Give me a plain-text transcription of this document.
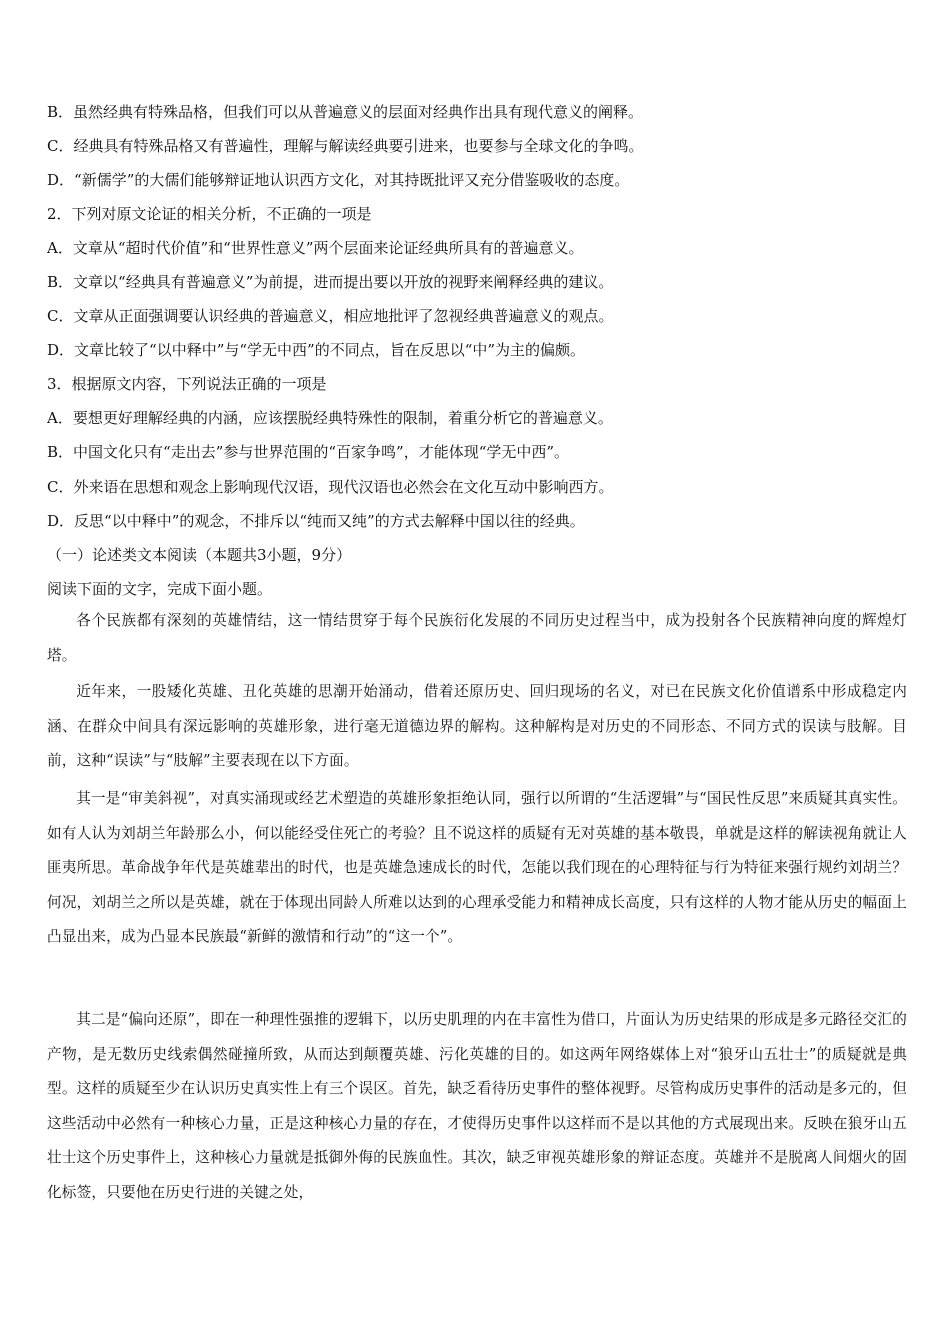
B．虽然经典有特殊品格，但我们可以从普遍意义的层面对经典作出具有现代意义的阐释。
C．经典具有特殊品格又有普遍性，理解与解读经典要引进来，也要参与全球文化的争鸣。
D．“新儒学”的大儒们能够辩证地认识西方文化，对其持既批评又充分借鉴吸收的态度。
2．下列对原文论证的相关分析，不正确的一项是
A．文章从“超时代价值”和“世界性意义”两个层面来论证经典所具有的普遍意义。
B．文章以“经典具有普遍意义”为前提，进而提出要以开放的视野来阐释经典的建议。
C．文章从正面强调要认识经典的普遍意义，相应地批评了忽视经典普遍意义的观点。
D．文章比较了“以中释中”与“学无中西”的不同点，旨在反思以“中”为主的偏颇。
3．根据原文内容，下列说法正确的一项是
A．要想更好理解经典的内涵，应该摆脱经典特殊性的限制，着重分析它的普遍意义。
B．中国文化只有“走出去”参与世界范围的“百家争鸣”，才能体现“学无中西”。
C．外来语在思想和观念上影响现代汉语，现代汉语也必然会在文化互动中影响西方。
D．反思“以中释中”的观念，不排斥以“纯而又纯”的方式去解释中国以往的经典。
（一）论述类文本阅读（本题共3小题，9分）
阅读下面的文字，完成下面小题。

各个民族都有深刻的英雄情结，这一情结贯穿于每个民族衍化发展的不同历史过程当中，成为投射各个民族精神向度的辉煌灯塔。

近年来，一股矮化英雄、丑化英雄的思潮开始涌动，借着还原历史、回归现场的名义，对已在民族文化价值谱系中形成稳定内涵、在群众中间具有深远影响的英雄形象，进行毫无道德边界的解构。这种解构是对历史的不同形态、不同方式的误读与肢解。目前，这种“误读”与“肢解”主要表现在以下方面。

其一是“审美斜视”，对真实涌现或经艺术塑造的英雄形象拒绝认同，强行以所谓的“生活逻辑”与“国民性反思”来质疑其真实性。如有人认为刘胡兰年龄那么小，何以能经受住死亡的考验？且不说这样的质疑有无对英雄的基本敬畏，单就是这样的解读视角就让人匪夷所思。革命战争年代是英雄辈出的时代，也是英雄急速成长的时代，怎能以我们现在的心理特征与行为特征来强行规约刘胡兰？何况，刘胡兰之所以是英雄，就在于体现出同龄人所难以达到的心理承受能力和精神成长高度，只有这样的人物才能从历史的幅面上凸显出来，成为凸显本民族最“新鲜的激情和行动”的“这一个”。

其二是“偏向还原”，即在一种理性强推的逻辑下，以历史肌理的内在丰富性为借口，片面认为历史结果的形成是多元路径交汇的产物，是无数历史线索偶然碰撞所致，从而达到颠覆英雄、污化英雄的目的。如这两年网络媒体上对“狼牙山五壮士”的质疑就是典型。这样的质疑至少在认识历史真实性上有三个误区。首先，缺乏看待历史事件的整体视野。尽管构成历史事件的活动是多元的，但这些活动中必然有一种核心力量，正是这种核心力量的存在，才使得历史事件以这样而不是以其他的方式展现出来。反映在狼牙山五壮士这个历史事件上，这种核心力量就是抵御外侮的民族血性。其次，缺乏审视英雄形象的辩证态度。英雄并不是脱离人间烟火的固化标签，只要他在历史行进的关键之处，
